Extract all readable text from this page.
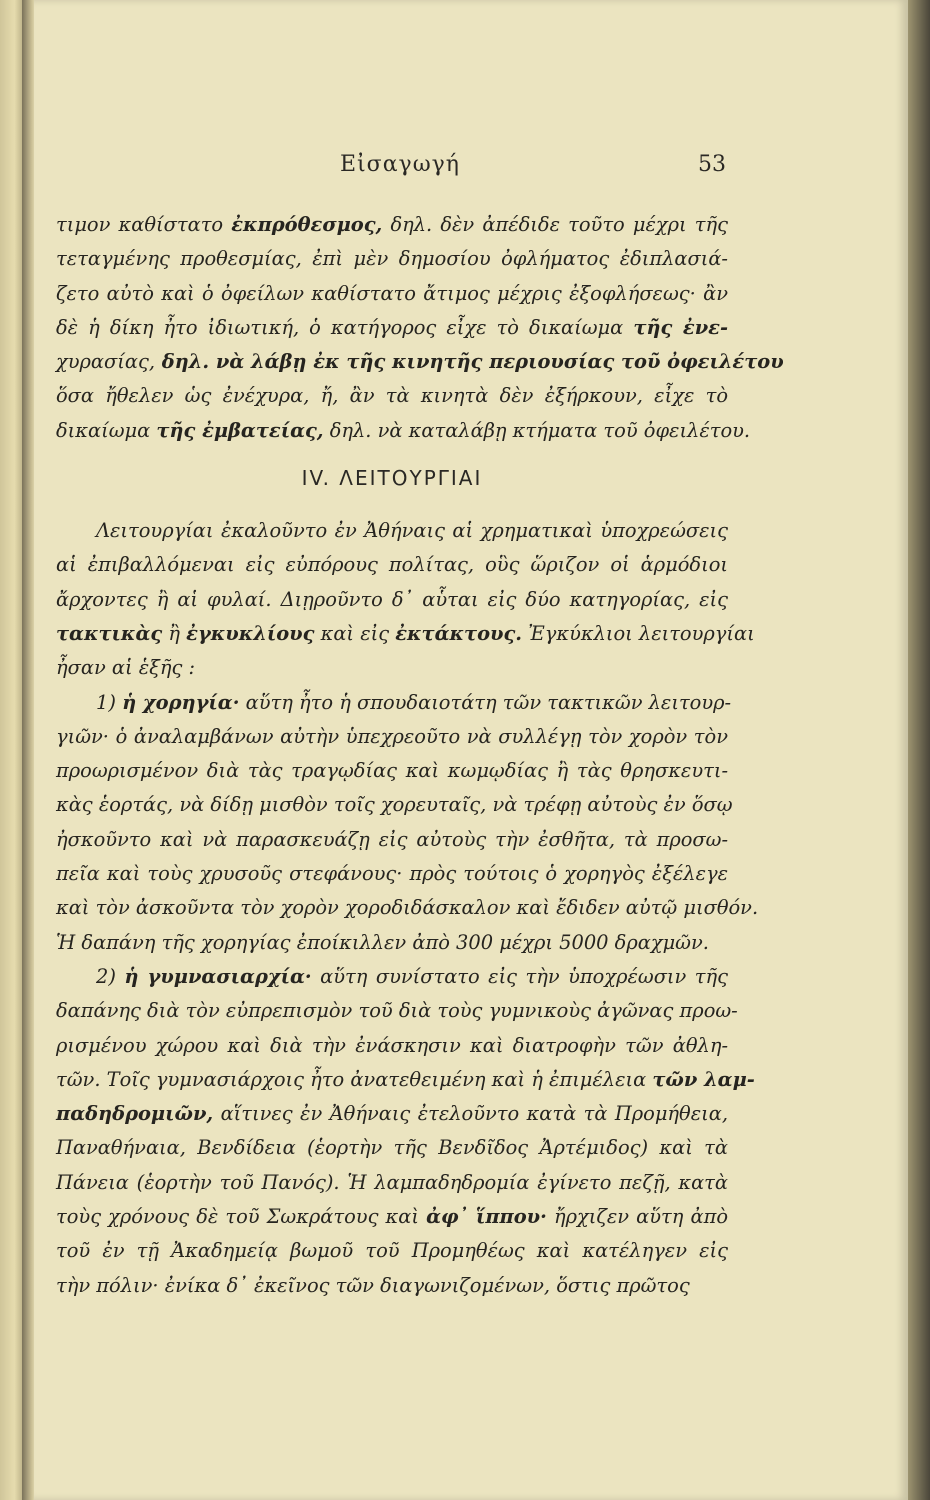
Εἰσαγωγή	53
τιμον καθίστατο ἐκπρόθεσμος, δηλ. δὲν ἀπέδιδε τοῦτο μέχρι τῆς
τεταγμένης προθεσμίας, ἐπὶ μὲν δημοσίου ὀφλήματος ἐδιπλασιά-
ζετο αὐτὸ καὶ ὁ ὀφείλων καθίστατο ἄτιμος μέχρις ἐξοφλήσεως· ἂν
δὲ ἡ δίκη ἦτο ἰδιωτική, ὁ κατήγορος εἶχε τὸ δικαίωμα τῆς ἐνε-
χυρασίας, δηλ. νὰ λάβῃ ἐκ τῆς κινητῆς περιουσίας τοῦ ὀφειλέτου
ὅσα ἤθελεν ὡς ἐνέχυρα, ἤ, ἂν τὰ κινητὰ δὲν ἐξήρκουν, εἶχε τὸ
δικαίωμα τῆς ἐμβατείας, δηλ. νὰ καταλάβῃ κτήματα τοῦ ὀφειλέτου.
IV. ΛΕΙΤΟΥΡΓΙΑΙ
Λειτουργίαι ἐκαλοῦντο ἐν Ἀθήναις αἱ χρηματικαὶ ὑποχρεώσεις
αἱ ἐπιβαλλόμεναι εἰς εὐπόρους πολίτας, οὓς ὥριζον οἱ ἁρμόδιοι
ἄρχοντες ἢ αἱ φυλαί. Διῃροῦντο δ᾿ αὗται εἰς δύο κατηγορίας, εἰς
τακτικὰς ἢ ἐγκυκλίους καὶ εἰς ἐκτάκτους. Ἐγκύκλιοι λειτουργίαι
ἦσαν αἱ ἑξῆς :
1) ἡ χορηγία· αὕτη ἦτο ἡ σπουδαιοτάτη τῶν τακτικῶν λειτουρ-
γιῶν· ὁ ἀναλαμβάνων αὐτὴν ὑπεχρεοῦτο νὰ συλλέγῃ τὸν χορὸν τὸν
προωρισμένον διὰ τὰς τραγῳδίας καὶ κωμῳδίας ἢ τὰς θρησκευτι-
κὰς ἑορτάς, νὰ δίδῃ μισθὸν τοῖς χορευταῖς, νὰ τρέφῃ αὐτοὺς ἐν ὅσῳ
ἠσκοῦντο καὶ νὰ παρασκευάζῃ εἰς αὐτοὺς τὴν ἐσθῆτα, τὰ προσω-
πεῖα καὶ τοὺς χρυσοῦς στεφάνους· πρὸς τούτοις ὁ χορηγὸς ἐξέλεγε
καὶ τὸν ἀσκοῦντα τὸν χορὸν χοροδιδάσκαλον καὶ ἔδιδεν αὐτῷ μισθόν.
Ἡ δαπάνη τῆς χορηγίας ἐποίκιλλεν ἀπὸ 300 μέχρι 5000 δραχμῶν.
2) ἡ γυμνασιαρχία· αὕτη συνίστατο εἰς τὴν ὑποχρέωσιν τῆς
δαπάνης διὰ τὸν εὐπρεπισμὸν τοῦ διὰ τοὺς γυμνικοὺς ἀγῶνας προω-
ρισμένου χώρου καὶ διὰ τὴν ἐνάσκησιν καὶ διατροφὴν τῶν ἀθλη-
τῶν. Τοῖς γυμνασιάρχοις ἦτο ἀνατεθειμένη καὶ ἡ ἐπιμέλεια τῶν λαμ-
παδηδρομιῶν, αἵτινες ἐν Ἀθήναις ἐτελοῦντο κατὰ τὰ Προμήθεια,
Παναθήναια, Βενδίδεια (ἑορτὴν τῆς Βενδῖδος Ἀρτέμιδος) καὶ τὰ
Πάνεια (ἑορτὴν τοῦ Πανός). Ἡ λαμπαδηδρομία ἐγίνετο πεζῇ, κατὰ
τοὺς χρόνους δὲ τοῦ Σωκράτους καὶ ἀφ᾿ ἵππου· ἤρχιζεν αὕτη ἀπὸ
τοῦ ἐν τῇ Ἀκαδημείᾳ βωμοῦ τοῦ Προμηθέως καὶ κατέληγεν εἰς
τὴν πόλιν· ἐνίκα δ᾿ ἐκεῖνος τῶν διαγωνιζομένων, ὅστις πρῶτος
